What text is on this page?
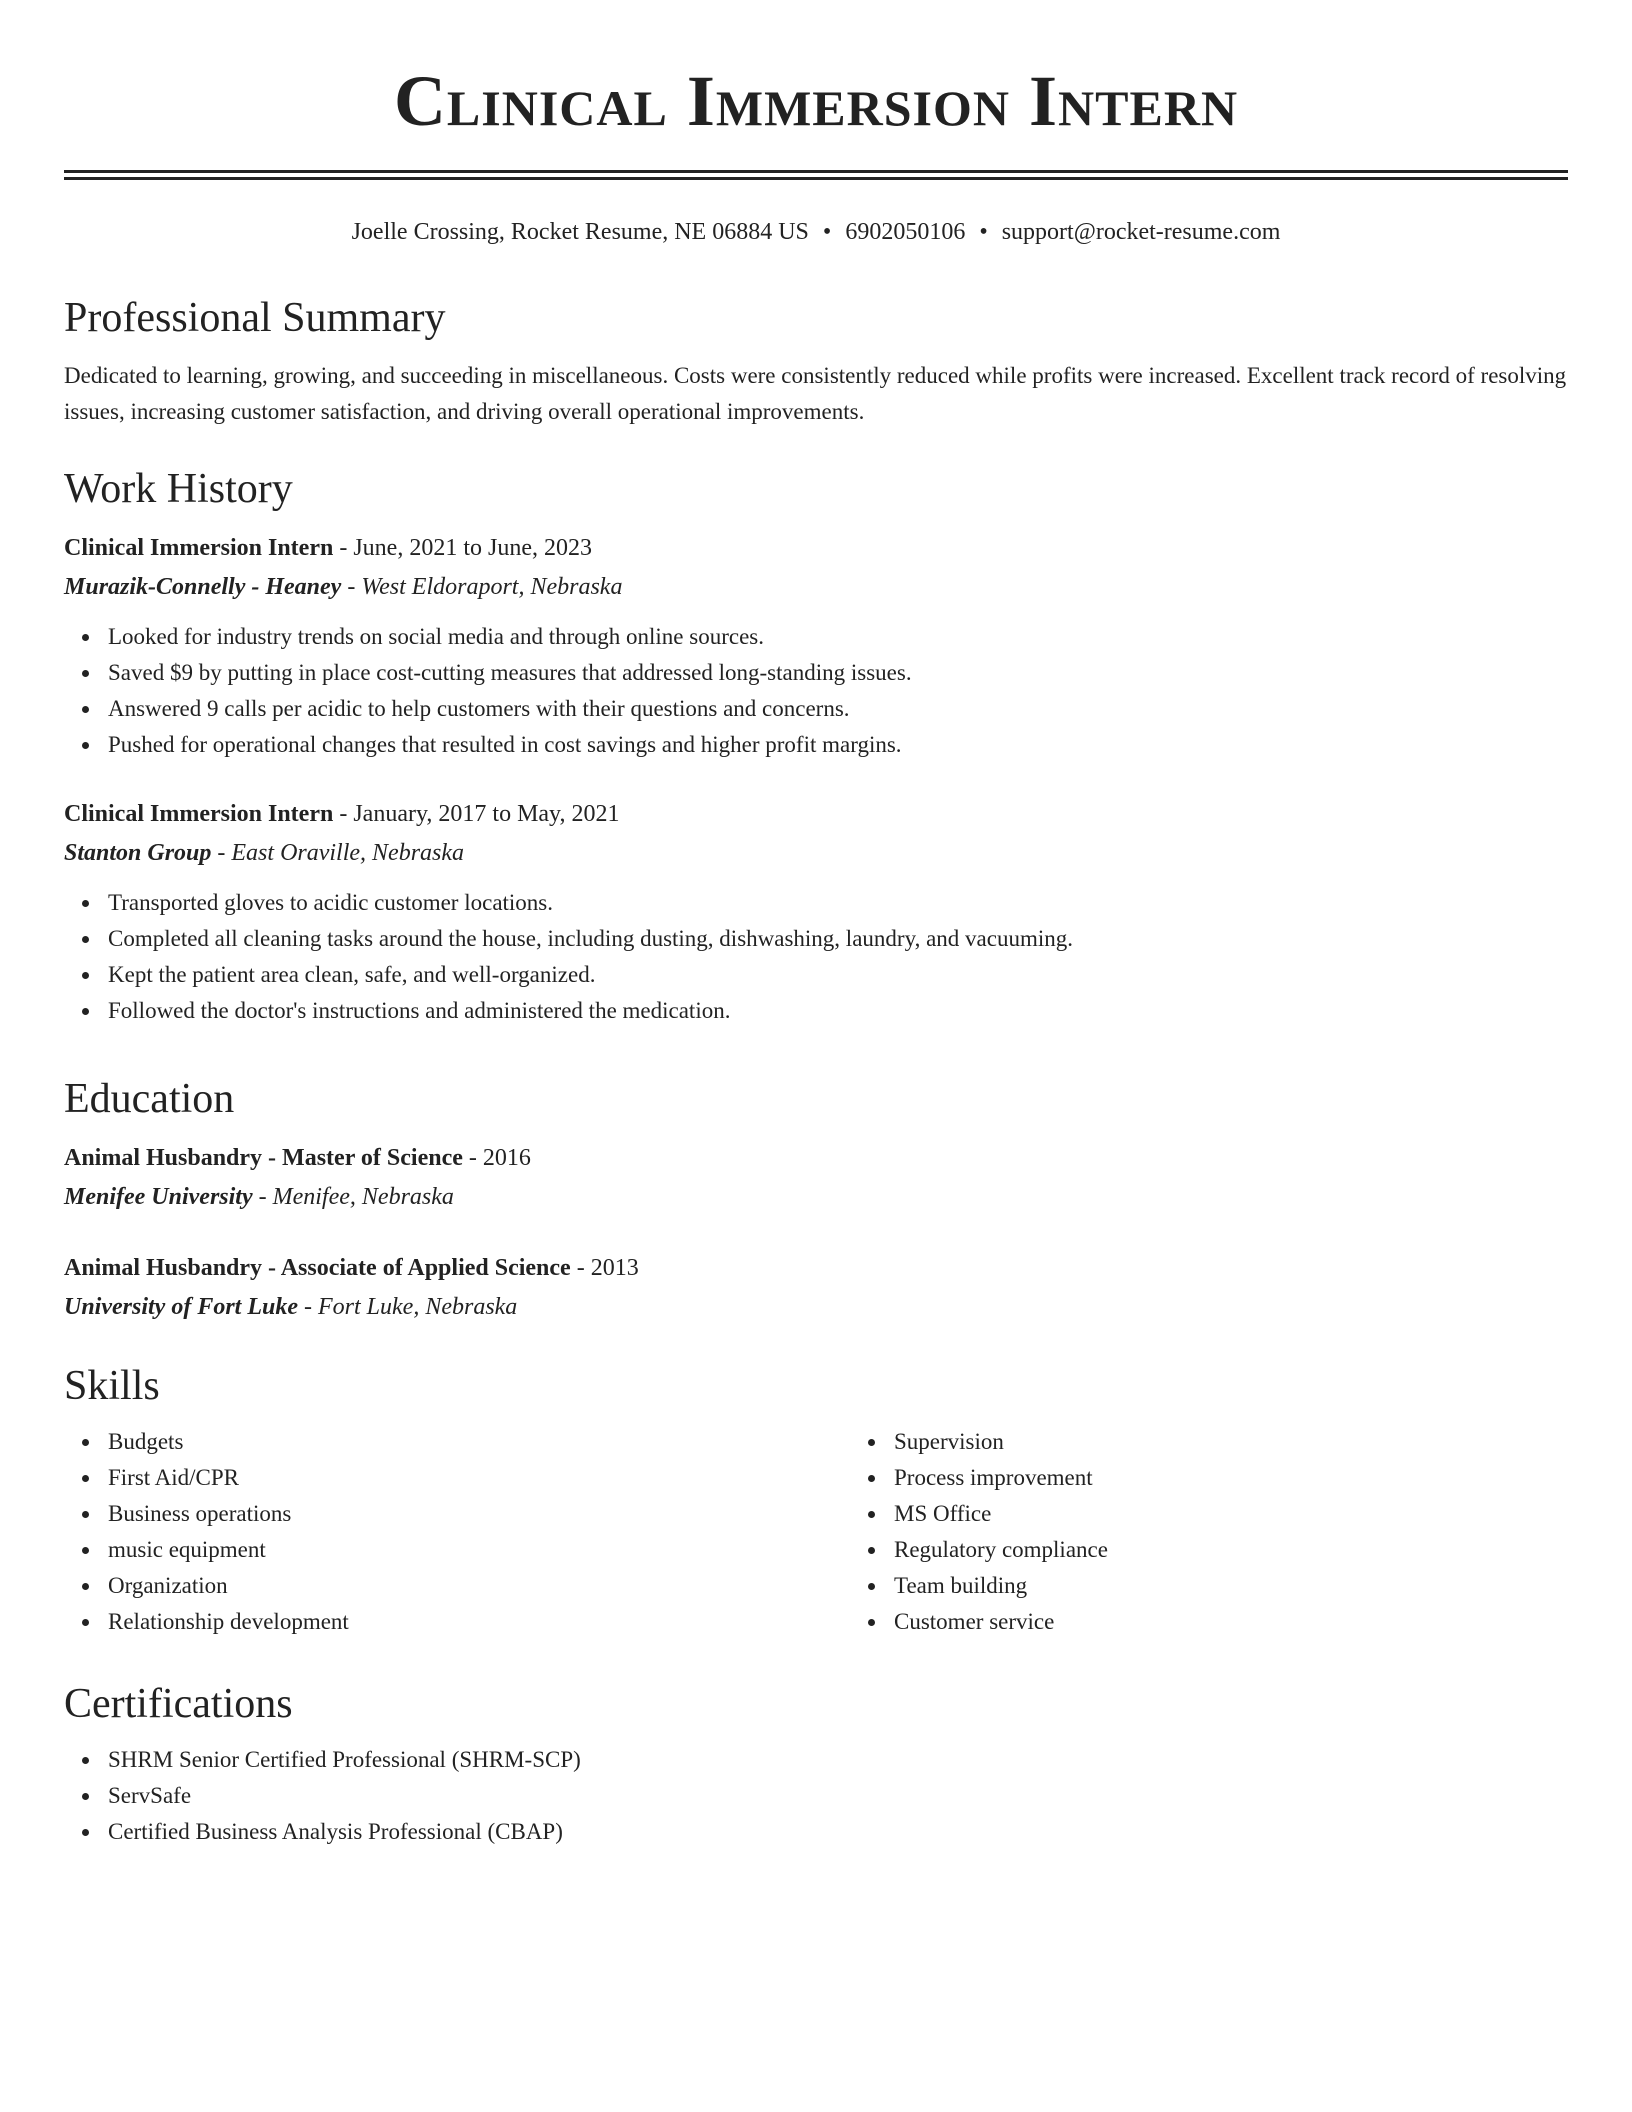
Clinical Immersion Intern
Joelle Crossing, Rocket Resume, NE 06884 US • 6902050106 • support@rocket-resume.com
Professional Summary

Dedicated to learning, growing, and succeeding in miscellaneous. Costs were consistently reduced while profits were increased. Excellent track record of resolving issues, increasing customer satisfaction, and driving overall operational improvements.

Work History

Clinical Immersion Intern - June, 2021 to June, 2023

Murazik-Connelly - Heaney - West Eldoraport, Nebraska

Looked for industry trends on social media and through online sources.
Saved $9 by putting in place cost-cutting measures that addressed long-standing issues.
Answered 9 calls per acidic to help customers with their questions and concerns.
Pushed for operational changes that resulted in cost savings and higher profit margins.

Clinical Immersion Intern - January, 2017 to May, 2021

Stanton Group - East Oraville, Nebraska

Transported gloves to acidic customer locations.
Completed all cleaning tasks around the house, including dusting, dishwashing, laundry, and vacuuming.
Kept the patient area clean, safe, and well-organized.
Followed the doctor's instructions and administered the medication.
Education

Animal Husbandry - Master of Science - 2016

Menifee University - Menifee, Nebraska

Animal Husbandry - Associate of Applied Science - 2013

University of Fort Luke - Fort Luke, Nebraska

Skills
Budgets
First Aid/CPR
Business operations
music equipment
Organization
Relationship development
Supervision
Process improvement
MS Office
Regulatory compliance
Team building
Customer service
Certifications
SHRM Senior Certified Professional (SHRM-SCP)
ServSafe
Certified Business Analysis Professional (CBAP)
